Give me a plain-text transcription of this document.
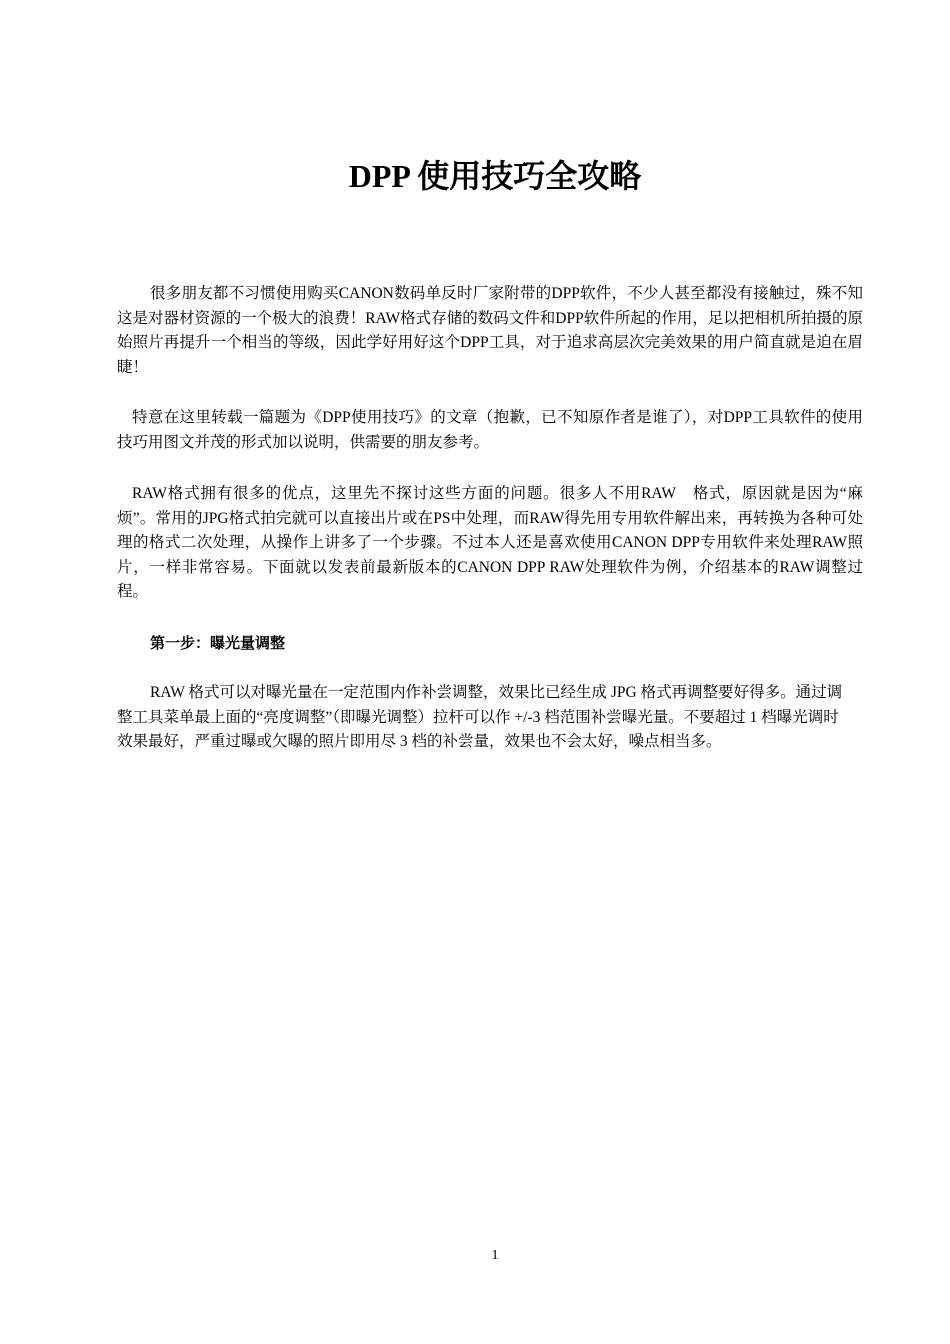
DPP 使用技巧全攻略

很多朋友都不习惯使用购买CANON数码单反时厂家附带的DPP软件，不少人甚至都没有接触过，殊不知这是对器材资源的一个极大的浪费！RAW格式存储的数码文件和DPP软件所起的作用，足以把相机所拍摄的原始照片再提升一个相当的等级，因此学好用好这个DPP工具，对于追求高层次完美效果的用户简直就是迫在眉睫！

特意在这里转载一篇题为《DPP使用技巧》的文章（抱歉，已不知原作者是谁了），对DPP工具软件的使用技巧用图文并茂的形式加以说明，供需要的朋友参考。

RAW格式拥有很多的优点，这里先不探讨这些方面的问题。很多人不用RAW　格式，原因就是因为“麻烦”。常用的JPG格式拍完就可以直接出片或在PS中处理，而RAW得先用专用软件解出来，再转换为各种可处理的格式二次处理，从操作上讲多了一个步骤。不过本人还是喜欢使用CANON DPP专用软件来处理RAW照片，一样非常容易。下面就以发表前最新版本的CANON DPP RAW处理软件为例，介绍基本的RAW调整过程。

第一步：曝光量调整

RAW 格式可以对曝光量在一定范围内作补尝调整，效果比已经生成 JPG 格式再调整要好得多。通过调整工具菜单最上面的“亮度调整”（即曝光调整）拉杆可以作 +/-3 档范围补尝曝光量。不要超过 1 档曝光调时效果最好，严重过曝或欠曝的照片即用尽 3 档的补尝量，效果也不会太好，噪点相当多。

1
